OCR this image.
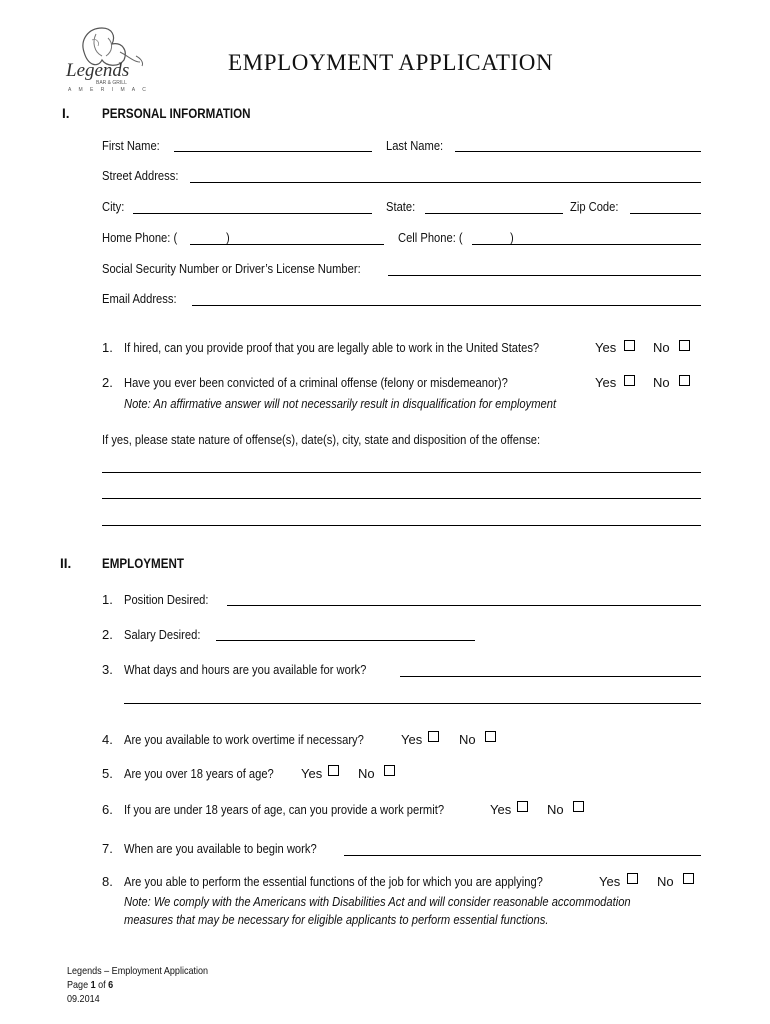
Legends
BAR & GRILL
A M E R I M A C
EMPLOYMENT APPLICATION
I. PERSONAL INFORMATION
First Name:	Last Name:
Street Address:
City:	State:	Zip Code:
Home Phone: (	)	Cell Phone: (	)
Social Security Number or Driver’s License Number:
Email Address:
1. If hired, can you provide proof that you are legally able to work in the United States?	Yes	No
2. Have you ever been convicted of a criminal offense (felony or misdemeanor)?	Yes	No
Note: An affirmative answer will not necessarily result in disqualification for employment
If yes, please state nature of offense(s), date(s), city, state and disposition of the offense:
II. EMPLOYMENT
1. Position Desired:
2. Salary Desired:
3. What days and hours are you available for work?
4. Are you available to work overtime if necessary?	Yes	No
5. Are you over 18 years of age?	Yes	No
6. If you are under 18 years of age, can you provide a work permit?	Yes	No
7. When are you available to begin work?
8. Are you able to perform the essential functions of the job for which you are applying?	Yes	No
Note: We comply with the Americans with Disabilities Act and will consider reasonable accommodation
measures that may be necessary for eligible applicants to perform essential functions.
Legends – Employment Application
Page 1 of 6
09.2014
